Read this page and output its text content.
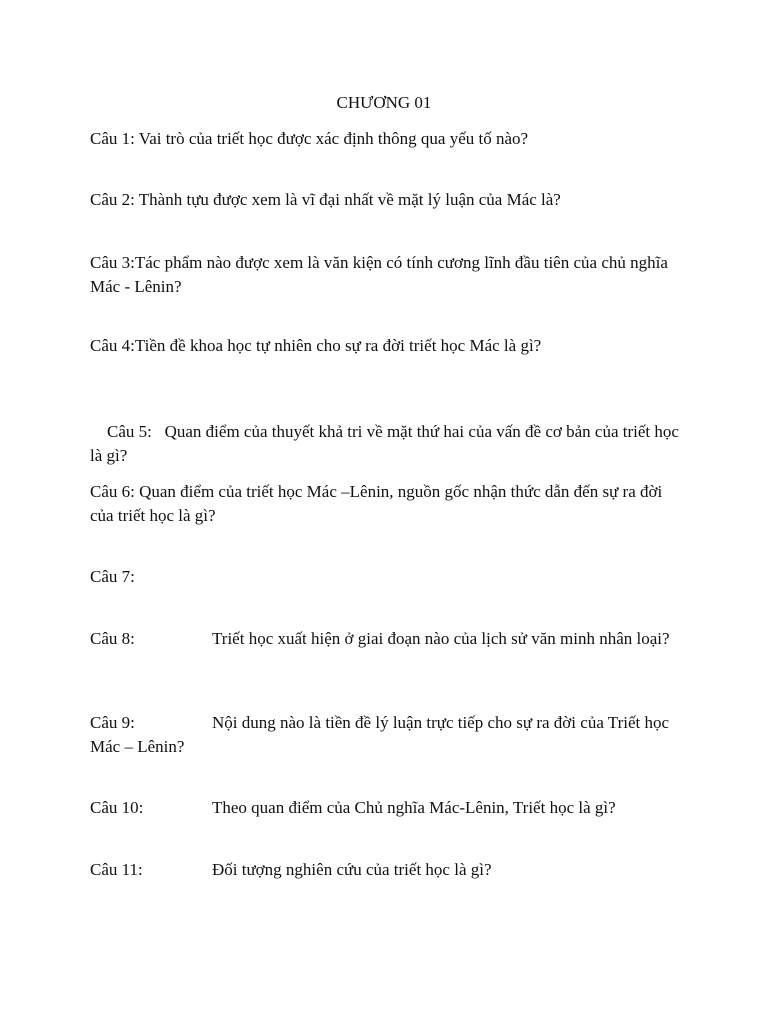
CHƯƠNG 01
Câu 1: Vai trò của triết học được xác định thông qua yếu tố nào?
Câu 2: Thành tựu được xem là vĩ đại nhất về mặt lý luận của Mác là?
Câu 3:Tác phẩm nào được xem là văn kiện có tính cương lĩnh đầu tiên của chủ nghĩa Mác - Lênin?
Câu 4:Tiền đề khoa học tự nhiên cho sự ra đời triết học Mác là gì?

Câu 5:   Quan điểm của thuyết khả tri về mặt thứ hai của vấn đề cơ bản của triết học là gì?

Câu 6: Quan điểm của triết học Mác –Lênin, nguồn gốc nhận thức dẫn đến sự ra đời của triết học là gì?
Câu 7:
Câu 8:	Triết học xuất hiện ở giai đoạn nào của lịch sử văn minh nhân loại?
Câu 9:	Nội dung nào là tiền đề lý luận trực tiếp cho sự ra đời của Triết học Mác – Lênin?
Câu 10:	Theo quan điểm của Chủ nghĩa Mác-Lênin, Triết học là gì?
Câu 11:	Đối tượng nghiên cứu của triết học là gì?
